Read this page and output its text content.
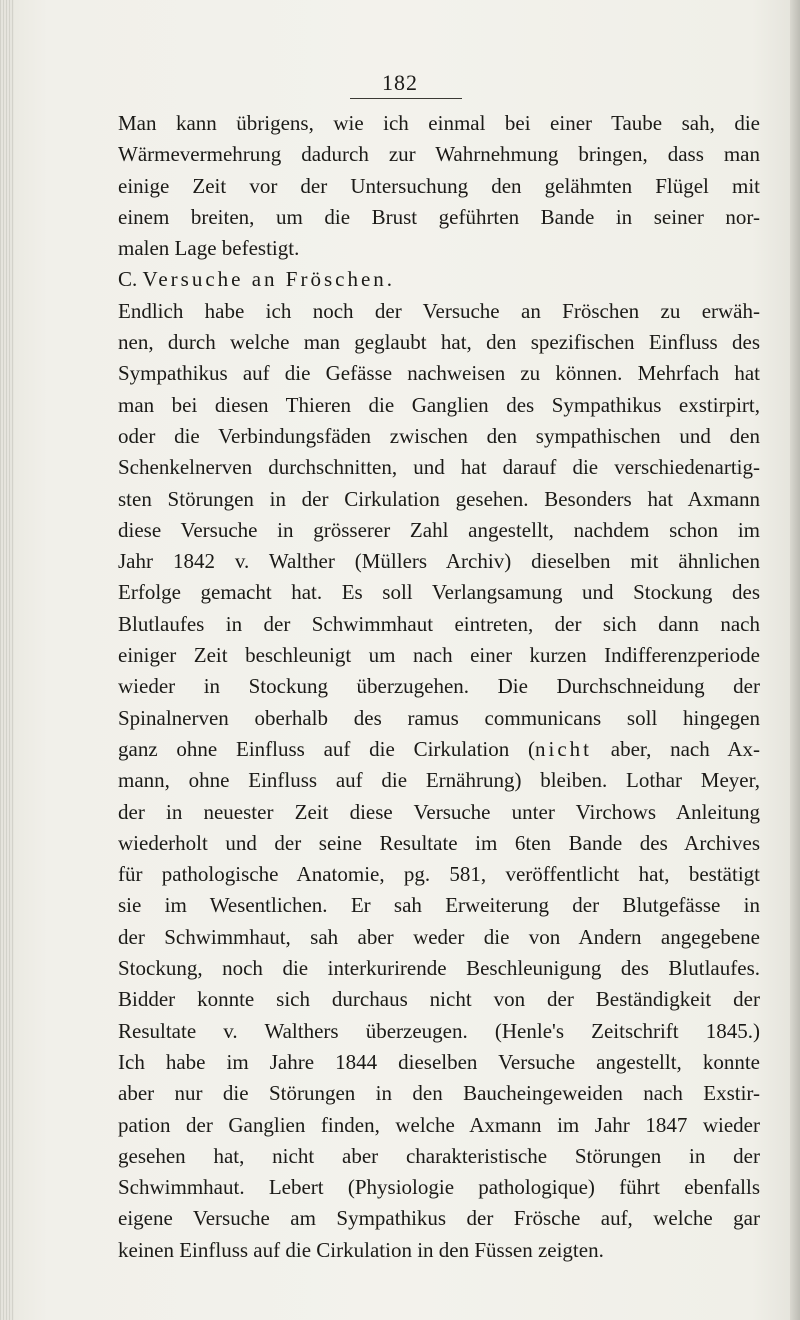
182

Man kann übrigens, wie ich einmal bei einer Taube sah, die
Wärmevermehrung dadurch zur Wahrnehmung bringen, dass man
einige Zeit vor der Untersuchung den gelähmten Flügel mit
einem breiten, um die Brust geführten Bande in seiner nor-
malen Lage befestigt.

C. Versuche an Fröschen.

Endlich habe ich noch der Versuche an Fröschen zu erwäh-
nen, durch welche man geglaubt hat, den spezifischen Einfluss des
Sympathikus auf die Gefässe nachweisen zu können. Mehrfach hat
man bei diesen Thieren die Ganglien des Sympathikus exstirpirt,
oder die Verbindungsfäden zwischen den sympathischen und den
Schenkelnerven durchschnitten, und hat darauf die verschiedenartig-
sten Störungen in der Cirkulation gesehen. Besonders hat Axmann
diese Versuche in grösserer Zahl angestellt, nachdem schon im
Jahr 1842 v. Walther (Müllers Archiv) dieselben mit ähnlichen
Erfolge gemacht hat. Es soll Verlangsamung und Stockung des
Blutlaufes in der Schwimmhaut eintreten, der sich dann nach
einiger Zeit beschleunigt um nach einer kurzen Indifferenzperiode
wieder in Stockung überzugehen. Die Durchschneidung der
Spinalnerven oberhalb des ramus communicans soll hingegen
ganz ohne Einfluss auf die Cirkulation (nicht aber, nach Ax-
mann, ohne Einfluss auf die Ernährung) bleiben. Lothar Meyer,
der in neuester Zeit diese Versuche unter Virchows Anleitung
wiederholt und der seine Resultate im 6ten Bande des Archives
für pathologische Anatomie, pg. 581, veröffentlicht hat, bestätigt
sie im Wesentlichen. Er sah Erweiterung der Blutgefässe in
der Schwimmhaut, sah aber weder die von Andern angegebene
Stockung, noch die interkurirende Beschleunigung des Blutlaufes.
Bidder konnte sich durchaus nicht von der Beständigkeit der
Resultate v. Walthers überzeugen. (Henle's Zeitschrift 1845.)
Ich habe im Jahre 1844 dieselben Versuche angestellt, konnte
aber nur die Störungen in den Baucheingeweiden nach Exstir-
pation der Ganglien finden, welche Axmann im Jahr 1847 wieder
gesehen hat, nicht aber charakteristische Störungen in der
Schwimmhaut. Lebert (Physiologie pathologique) führt ebenfalls
eigene Versuche am Sympathikus der Frösche auf, welche gar
keinen Einfluss auf die Cirkulation in den Füssen zeigten.
